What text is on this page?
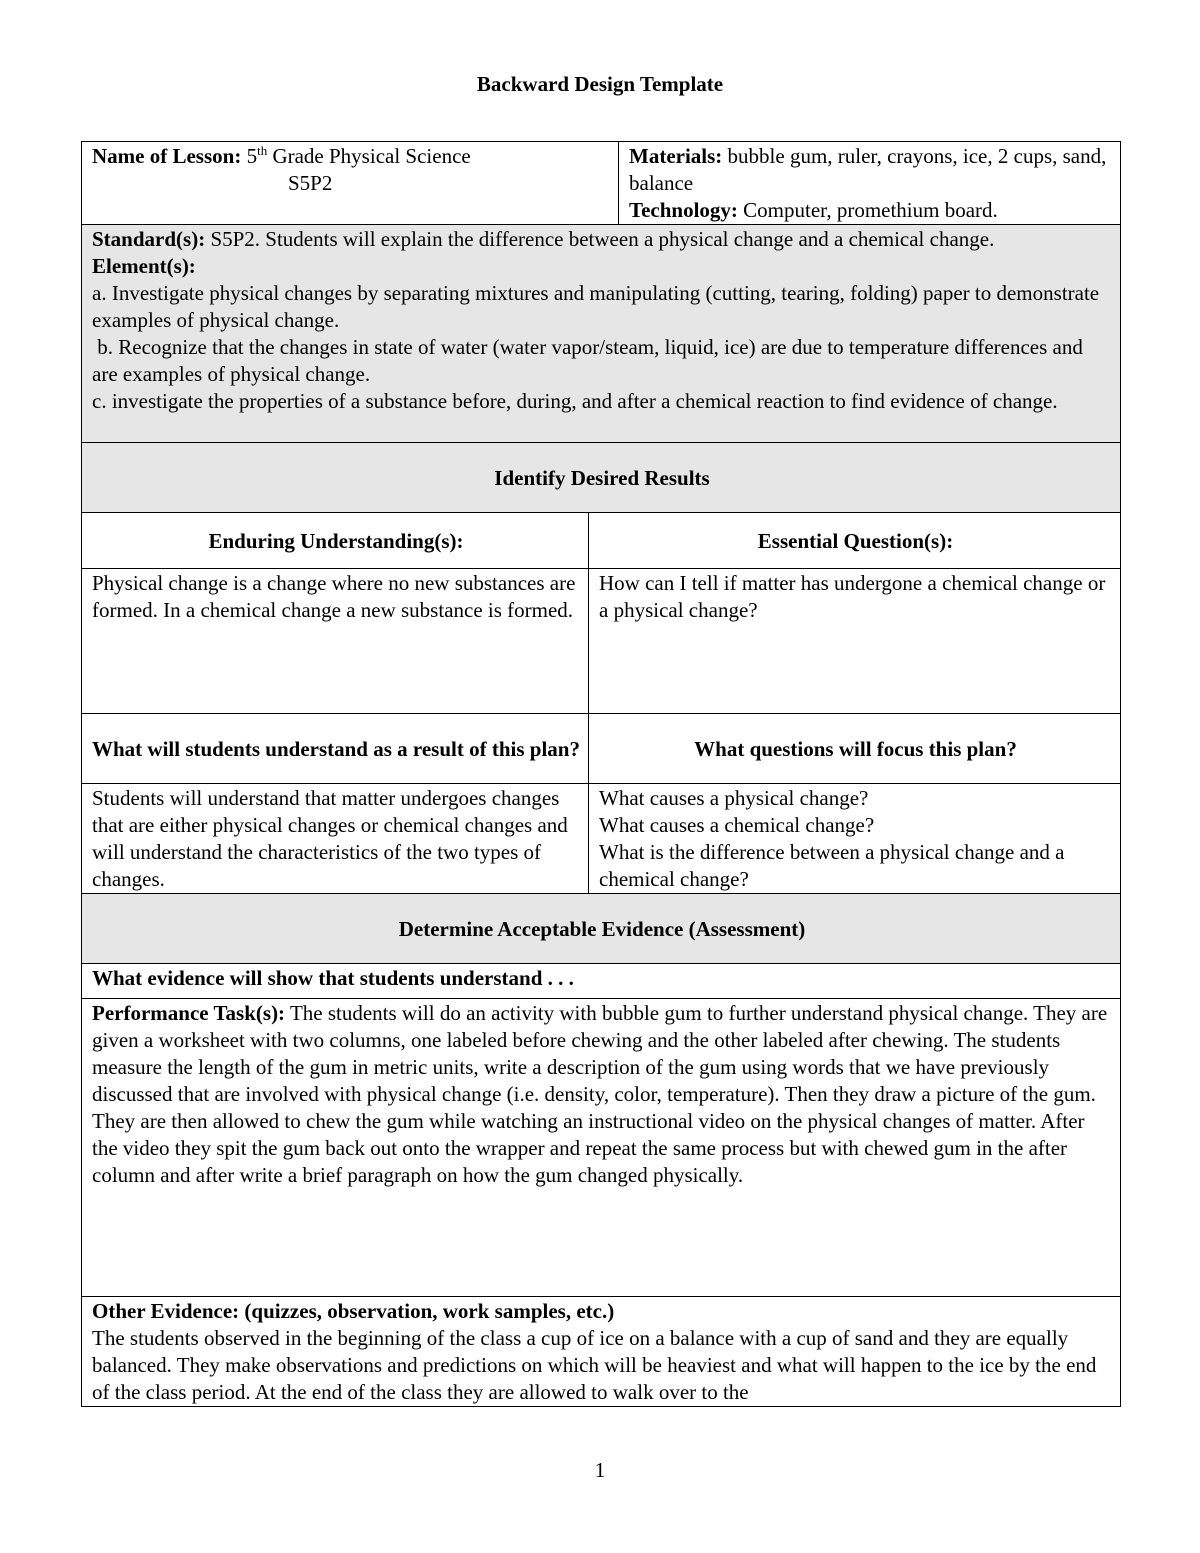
Backward Design Template
Name of Lesson: 5th Grade Physical Science
S5P2		Materials: bubble gum, ruler, crayons, ice, 2 cups, sand, balance
Technology: Computer, promethium board.
Standard(s): S5P2. Students will explain the difference between a physical change and a chemical change.
Element(s):
a. Investigate physical changes by separating mixtures and manipulating (cutting, tearing, folding) paper to demonstrate examples of physical change.
b. Recognize that the changes in state of water (water vapor/steam, liquid, ice) are due to temperature differences and are examples of physical change.
c. investigate the properties of a substance before, during, and after a chemical reaction to find evidence of change.		
Identify Desired Results		
Enduring Understanding(s):	Essential Question(s):	
Physical change is a change where no new substances are formed. In a chemical change a new substance is formed.	How can I tell if matter has undergone a chemical change or a physical change?	
What will students understand as a result of this plan?	What questions will focus this plan?	
Students will understand that matter undergoes changes that are either physical changes or chemical changes and will understand the characteristics of the two types of changes.	What causes a physical change?
What causes a chemical change?
What is the difference between a physical change and a chemical change?	
Determine Acceptable Evidence (Assessment)		
What evidence will show that students understand . . .		
Performance Task(s): The students will do an activity with bubble gum to further understand physical change. They are given a worksheet with two columns, one labeled before chewing and the other labeled after chewing. The students measure the length of the gum in metric units, write a description of the gum using words that we have previously discussed that are involved with physical change (i.e. density, color, temperature). Then they draw a picture of the gum. They are then allowed to chew the gum while watching an instructional video on the physical changes of matter. After the video they spit the gum back out onto the wrapper and repeat the same process but with chewed gum in the after column and after write a brief paragraph on how the gum changed physically.		
Other Evidence: (quizzes, observation, work samples, etc.)
The students observed in the beginning of the class a cup of ice on a balance with a cup of sand and they are equally balanced. They make observations and predictions on which will be heaviest and what will happen to the ice by the end of the class period. At the end of the class they are allowed to walk over to the		
1
